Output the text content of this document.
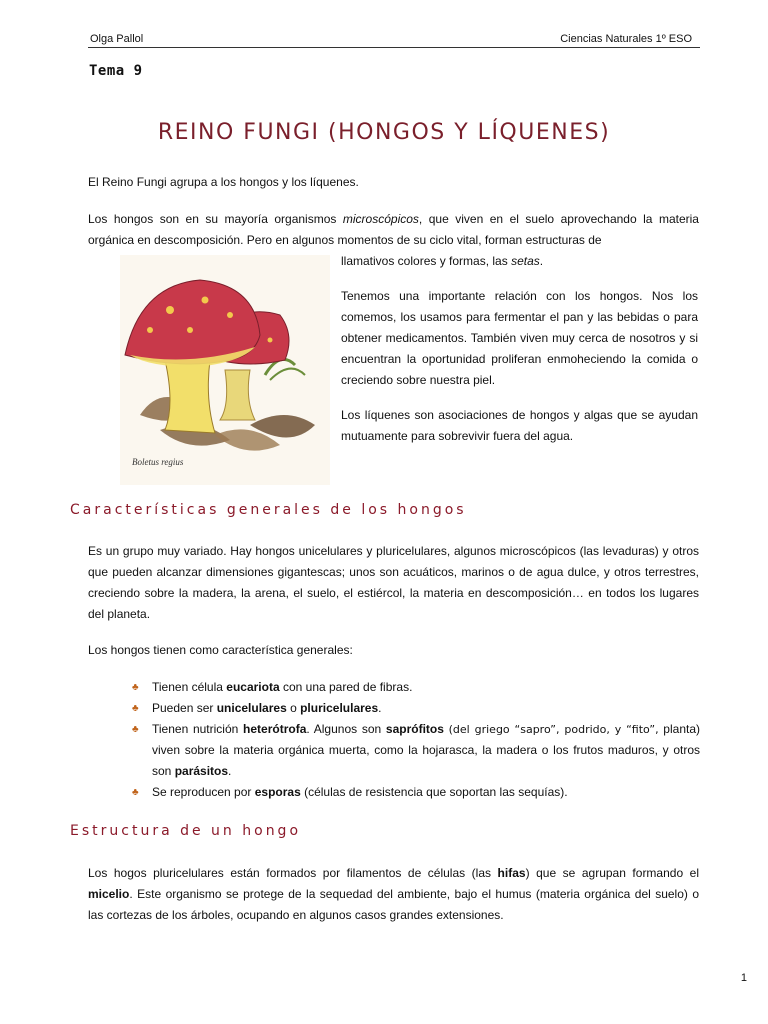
Olga Pallol	Ciencias Naturales 1º ESO
Tema 9
REINO FUNGI (HONGOS Y LÍQUENES)
El Reino Fungi agrupa a los hongos y los líquenes.
Los hongos son en su mayoría organismos microscópicos, que viven en el suelo aprovechando la materia orgánica en descomposición. Pero en algunos momentos de su ciclo vital, forman estructuras de
llamativos colores y formas, las setas.
Tenemos una importante relación con los hongos. Nos los comemos, los usamos para fermentar el pan y las bebidas o para obtener medicamentos. También viven muy cerca de nosotros y si encuentran la oportunidad proliferan enmoheciendo la comida o creciendo sobre nuestra piel.
Los líquenes son asociaciones de hongos y algas que se ayudan mutuamente para sobrevivir fuera del agua.
Boletus regius
Características generales de los hongos
Es un grupo muy variado. Hay hongos unicelulares y pluricelulares, algunos microscópicos (las levaduras) y otros que pueden alcanzar dimensiones gigantescas; unos son acuáticos, marinos o de agua dulce, y otros terrestres, creciendo sobre la madera, la arena, el suelo, el estiércol, la materia en descomposición… en todos los lugares del planeta.
Los hongos tienen como característica generales:
♣ Tienen célula eucariota con una pared de fibras.
♣ Pueden ser unicelulares o pluricelulares.
♣ Tienen nutrición heterótrofa. Algunos son saprófitos (del griego “sapro”, podrido, y “fito”, planta) viven sobre la materia orgánica muerta, como la hojarasca, la madera o los frutos maduros, y otros son parásitos.
♣ Se reproducen por esporas (células de resistencia que soportan las sequías).
Estructura de un hongo
Los hogos pluricelulares están formados por filamentos de células (las hifas) que se agrupan formando el micelio. Este organismo se protege de la sequedad del ambiente, bajo el humus (materia orgánica del suelo) o las cortezas de los árboles, ocupando en algunos casos grandes extensiones.
1
